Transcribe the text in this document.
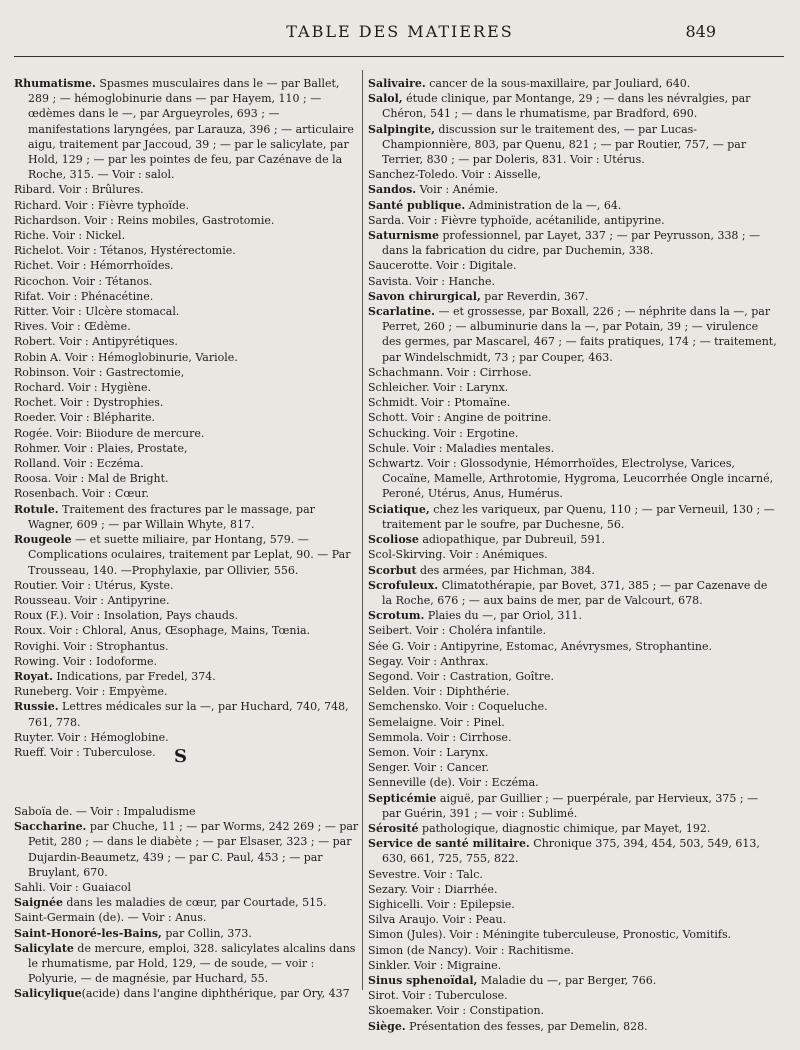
TABLE DES MATIERES	849

Rhumatisme. Spasmes musculaires dans le — par Ballet, 289 ; — hémoglobinurie dans — par Hayem, 110 ; — œdèmes dans le —, par Argueyroles, 693 ; — manifestations laryngées, par Larauza, 396 ; — articulaire aigu, traitement par Jaccoud, 39 ; — par le salicylate, par Hold, 129 ; — par les pointes de feu, par Cazénave de la Roche, 315. — Voir : salol.

Ribard. Voir : Brûlures.

Richard. Voir : Fièvre typhoïde.

Richardson. Voir : Reins mobiles, Gastrotomie.

Riche. Voir : Nickel.

Richelot. Voir : Tétanos, Hystérectomie.

Richet. Voir : Hémorrhoïdes.

Ricochon. Voir : Tétanos.

Rifat. Voir : Phénacétine.

Ritter. Voir : Ulcère stomacal.

Rives. Voir : Œdème.

Robert. Voir : Antipyrétiques.

Robin A. Voir : Hémoglobinurie, Variole.

Robinson. Voir : Gastrectomie,

Rochard. Voir : Hygiène.

Rochet. Voir : Dystrophies.

Roeder. Voir : Blépharite.

Rogée. Voir: Biiodure de mercure.

Rohmer. Voir : Plaies, Prostate,

Rolland. Voir : Eczéma.

Roosa. Voir : Mal de Bright.

Rosenbach. Voir : Cœur.

Rotule. Traitement des fractures par le massage, par Wagner, 609 ; — par Willain Whyte, 817.

Rougeole — et suette miliaire, par Hontang, 579. — Complications oculaires, traitement par Leplat, 90. — Par Trousseau, 140. —Prophylaxie, par Ollivier, 556.

Routier. Voir : Utérus, Kyste.

Rousseau. Voir : Antipyrine.

Roux (F.). Voir : Insolation, Pays chauds.

Roux. Voir : Chloral, Anus, Œsophage, Mains, Tœnia.

Rovighi. Voir : Strophantus.

Rowing. Voir : Iodoforme.

Royat. Indications, par Fredel, 374.

Runeberg. Voir : Empyème.

Russie. Lettres médicales sur la —, par Huchard, 740, 748, 761, 778.

Ruyter. Voir : Hémoglobine.

Rueff. Voir : Tuberculose.	S

Saboïa de. — Voir : Impaludisme

Saccharine. par Chuche, 11 ; — par Worms, 242 269 ; — par Petit, 280 ; — dans le diabète ; — par Elsaser, 323 ; — par Dujardin-Beaumetz, 439 ; — par C. Paul, 453 ; — par Bruylant, 670.

Sahli. Voir : Guaiacol

Saignée dans les maladies de cœur, par Courtade, 515.

Saint-Germain (de). — Voir : Anus.

Saint-Honoré-les-Bains, par Collin, 373.

Salicylate de mercure, emploi, 328. salicylates alcalins dans le rhumatisme, par Hold, 129, — de soude, — voir : Polyurie, — de magnésie, par Huchard, 55.

Salicylique(acide) dans l'angine diphthérique, par Ory, 437

Salivaire. cancer de la sous-maxillaire, par Jouliard, 640.

Salol, étude clinique, par Montange, 29 ; — dans les névralgies, par Chéron, 541 ; — dans le rhumatisme, par Bradford, 690.

Salpingite, discussion sur le traitement des, — par Lucas-Championnière, 803, par Quenu, 821 ; — par Routier, 757, — par Terrier, 830 ; — par Doleris, 831. Voir : Utérus.

Sanchez-Toledo. Voir : Aisselle,

Sandos. Voir : Anémie.

Santé publique. Administration de la —, 64.

Sarda. Voir : Fièvre typhoïde, acétanilide, antipyrine.

Saturnisme professionnel, par Layet, 337 ; — par Peyrusson, 338 ; — dans la fabrication du cidre, par Duchemin, 338.

Saucerotte. Voir : Digitale.

Savista. Voir : Hanche.

Savon chirurgical, par Reverdin, 367.

Scarlatine. — et grossesse, par Boxall, 226 ; — néphrite dans la —, par Perret, 260 ; — albuminurie dans la —, par Potain, 39 ; — virulence des germes, par Mascarel, 467 ; — faits pratiques, 174 ; — traitement, par Windelschmidt, 73 ; par Couper, 463.

Schachmann. Voir : Cirrhose.

Schleicher. Voir : Larynx.

Schmidt. Voir : Ptomaïne.

Schott. Voir : Angine de poitrine.

Schucking. Voir : Ergotine.

Schule. Voir : Maladies mentales.

Schwartz. Voir : Glossodynie, Hémorrhoïdes, Electrolyse, Varices, Cocaïne, Mamelle, Arthrotomie, Hygroma, Leucorrhée Ongle incarné, Peroné, Utérus, Anus, Humérus.

Sciatique, chez les variqueux, par Quenu, 110 ; — par Verneuil, 130 ; — traitement par le soufre, par Duchesne, 56.

Scoliose adiopathique, par Dubreuil, 591.

Scol-Skirving. Voir : Anémiques.

Scorbut des armées, par Hichman, 384.

Scrofuleux. Climatothérapie, par Bovet, 371, 385 ; — par Cazenave de la Roche, 676 ; — aux bains de mer, par de Valcourt, 678.

Scrotum. Plaies du —, par Oriol, 311.

Seibert. Voir : Choléra infantile.

Sée G. Voir : Antipyrine, Estomac, Anévrysmes, Strophantine.

Segay. Voir : Anthrax.

Segond. Voir : Castration, Goître.

Selden. Voir : Diphthérie.

Semchensko. Voir : Coqueluche.

Semelaigne. Voir : Pinel.

Semmola. Voir : Cirrhose.

Semon. Voir : Larynx.

Senger. Voir : Cancer.

Senneville (de). Voir : Eczéma.

Septicémie aiguë, par Guillier ; — puerpérale, par Hervieux, 375 ; — par Guérin, 391 ; — voir : Sublimé.

Sérosité pathologique, diagnostic chimique, par Mayet, 192.

Service de santé militaire. Chronique 375, 394, 454, 503, 549, 613, 630, 661, 725, 755, 822.

Sevestre. Voir : Talc.

Sezary. Voir : Diarrhée.

Sighicelli. Voir : Epilepsie.

Silva Araujo. Voir : Peau.

Simon (Jules). Voir : Méningite tuberculeuse, Pronostic, Vomitifs.

Simon (de Nancy). Voir : Rachitisme.

Sinkler. Voir : Migraine.

Sinus sphenoïdal, Maladie du —, par Berger, 766.

Sirot. Voir : Tuberculose.

Skoemaker. Voir : Constipation.

Siège. Présentation des fesses, par Demelin, 828.
